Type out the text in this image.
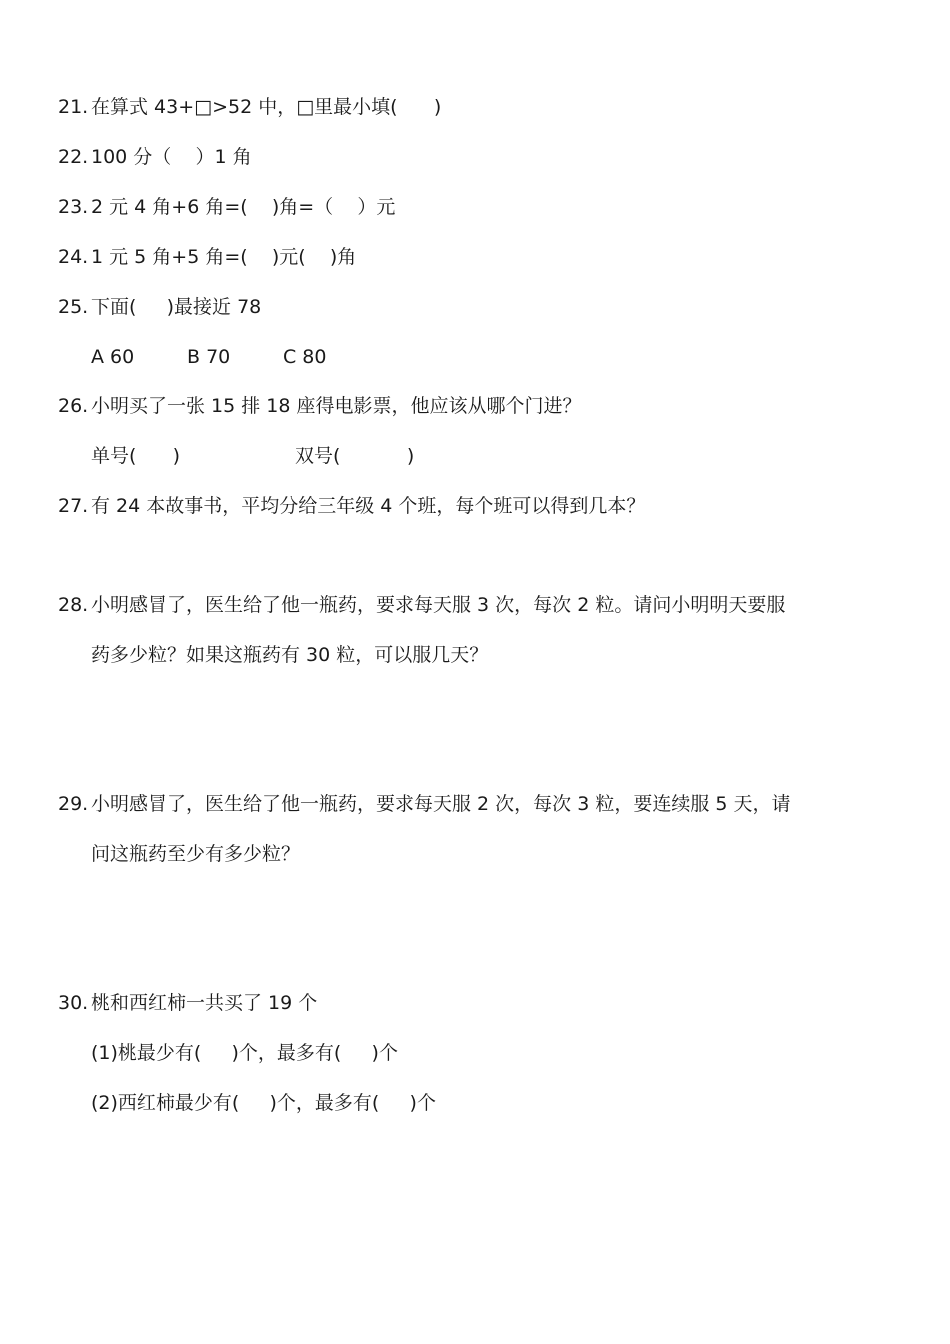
21. 在算式 43+□>52 中，□里最小填(      )
22. 100 分（    ）1 角
23. 2 元 4 角+6 角=(    )角=（    ）元
24. 1 元 5 角+5 角=(    )元(    )角
25. 下面(     )最接近 78
A 60	B 70	C 80
26. 小明买了一张 15 排 18 座得电影票，他应该从哪个门进？
单号(      )	双号(           )
27. 有 24 本故事书，平均分给三年级 4 个班，每个班可以得到几本？
28. 小明感冒了，医生给了他一瓶药，要求每天服 3 次，每次 2 粒。请问小明明天要服
药多少粒？如果这瓶药有 30 粒，可以服几天？
29. 小明感冒了，医生给了他一瓶药，要求每天服 2 次，每次 3 粒，要连续服 5 天，请
问这瓶药至少有多少粒？
30. 桃和西红柿一共买了 19 个
(1)桃最少有(     )个，最多有(     )个
(2)西红柿最少有(     )个，最多有(     )个
